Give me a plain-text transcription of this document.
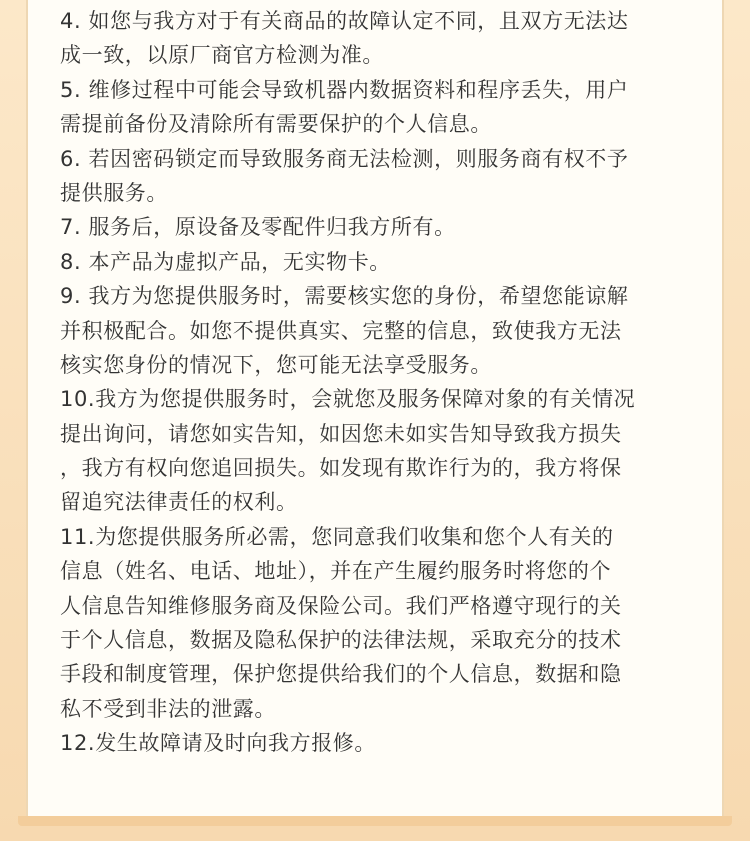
4. 如您与我方对于有关商品的故障认定不同，且双方无法达
成一致，以原厂商官方检测为准。
5. 维修过程中可能会导致机器内数据资料和程序丢失，用户
需提前备份及清除所有需要保护的个人信息。
6. 若因密码锁定而导致服务商无法检测，则服务商有权不予
提供服务。
7. 服务后，原设备及零配件归我方所有。
8. 本产品为虚拟产品，无实物卡。
9. 我方为您提供服务时，需要核实您的身份，希望您能谅解
并积极配合。如您不提供真实、完整的信息，致使我方无法
核实您身份的情况下，您可能无法享受服务。
10.我方为您提供服务时，会就您及服务保障对象的有关情况
提出询问，请您如实告知，如因您未如实告知导致我方损失
，我方有权向您追回损失。如发现有欺诈行为的，我方将保
留追究法律责任的权利。
11.为您提供服务所必需，您同意我们收集和您个人有关的
信息（姓名、电话、地址），并在产生履约服务时将您的个
人信息告知维修服务商及保险公司。我们严格遵守现行的关
于个人信息，数据及隐私保护的法律法规，采取充分的技术
手段和制度管理，保护您提供给我们的个人信息，数据和隐
私不受到非法的泄露。
12.发生故障请及时向我方报修。
